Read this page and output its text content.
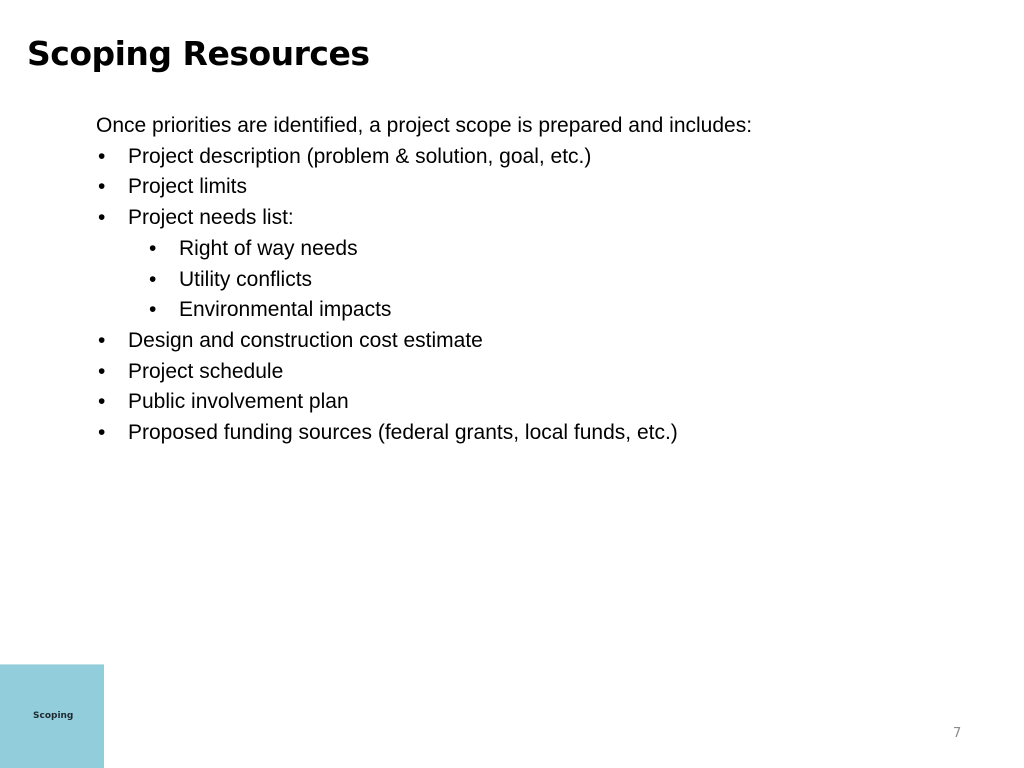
Scoping Resources

Once priorities are identified, a project scope is prepared and includes:

• Project description (problem & solution, goal, etc.)
• Project limits
• Project needs list:
• Right of way needs
• Utility conflicts
• Environmental impacts
• Design and construction cost estimate
• Project schedule
• Public involvement plan
• Proposed funding sources (federal grants, local funds, etc.)
Scoping
7
